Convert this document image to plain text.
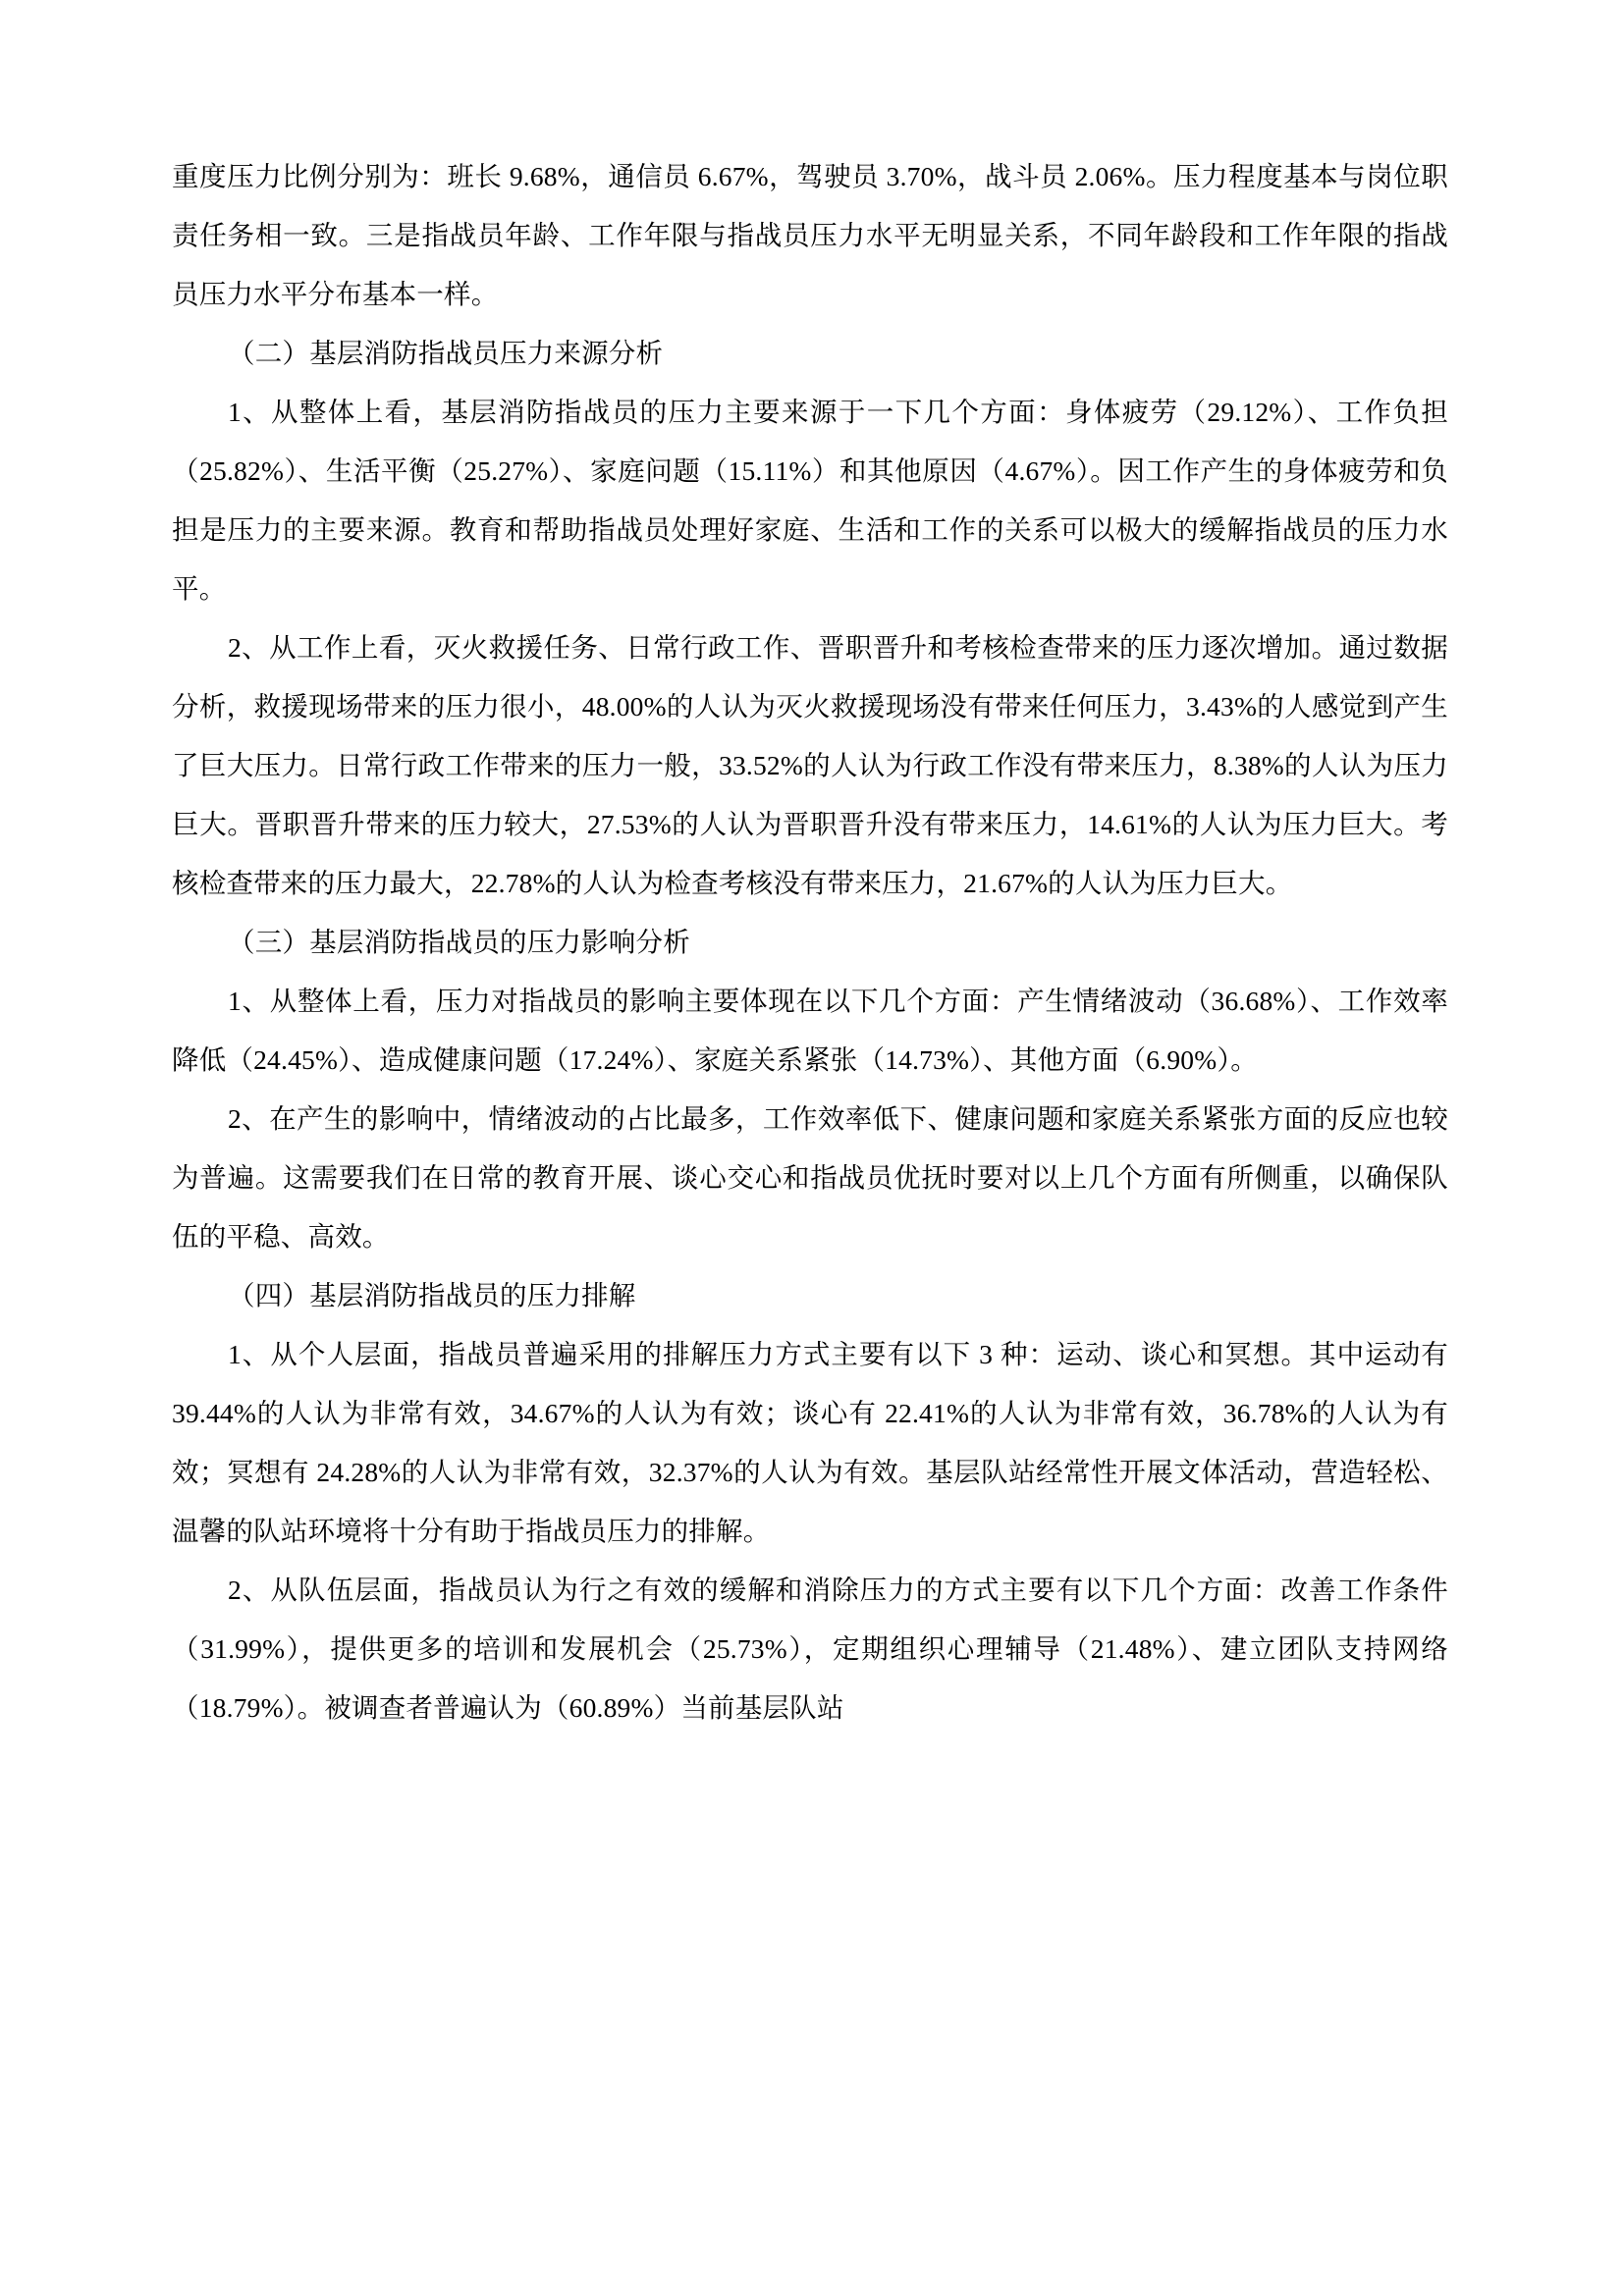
重度压力比例分别为：班长 9.68%，通信员 6.67%，驾驶员 3.70%，战斗员 2.06%。压力程度基本与岗位职责任务相一致。三是指战员年龄、工作年限与指战员压力水平无明显关系，不同年龄段和工作年限的指战员压力水平分布基本一样。

（二）基层消防指战员压力来源分析

1、从整体上看，基层消防指战员的压力主要来源于一下几个方面：身体疲劳（29.12%）、工作负担（25.82%）、生活平衡（25.27%）、家庭问题（15.11%）和其他原因（4.67%）。因工作产生的身体疲劳和负担是压力的主要来源。教育和帮助指战员处理好家庭、生活和工作的关系可以极大的缓解指战员的压力水平。

2、从工作上看，灭火救援任务、日常行政工作、晋职晋升和考核检查带来的压力逐次增加。通过数据分析，救援现场带来的压力很小，48.00%的人认为灭火救援现场没有带来任何压力，3.43%的人感觉到产生了巨大压力。日常行政工作带来的压力一般，33.52%的人认为行政工作没有带来压力，8.38%的人认为压力巨大。晋职晋升带来的压力较大，27.53%的人认为晋职晋升没有带来压力，14.61%的人认为压力巨大。考核检查带来的压力最大，22.78%的人认为检查考核没有带来压力，21.67%的人认为压力巨大。

（三）基层消防指战员的压力影响分析

1、从整体上看，压力对指战员的影响主要体现在以下几个方面：产生情绪波动（36.68%）、工作效率降低（24.45%）、造成健康问题（17.24%）、家庭关系紧张（14.73%）、其他方面（6.90%）。

2、在产生的影响中，情绪波动的占比最多，工作效率低下、健康问题和家庭关系紧张方面的反应也较为普遍。这需要我们在日常的教育开展、谈心交心和指战员优抚时要对以上几个方面有所侧重，以确保队伍的平稳、高效。

（四）基层消防指战员的压力排解

1、从个人层面，指战员普遍采用的排解压力方式主要有以下 3 种：运动、谈心和冥想。其中运动有 39.44%的人认为非常有效，34.67%的人认为有效；谈心有 22.41%的人认为非常有效，36.78%的人认为有效；冥想有 24.28%的人认为非常有效，32.37%的人认为有效。基层队站经常性开展文体活动，营造轻松、温馨的队站环境将十分有助于指战员压力的排解。

2、从队伍层面，指战员认为行之有效的缓解和消除压力的方式主要有以下几个方面：改善工作条件（31.99%），提供更多的培训和发展机会（25.73%），定期组织心理辅导（21.48%）、建立团队支持网络（18.79%）。被调查者普遍认为（60.89%）当前基层队站
